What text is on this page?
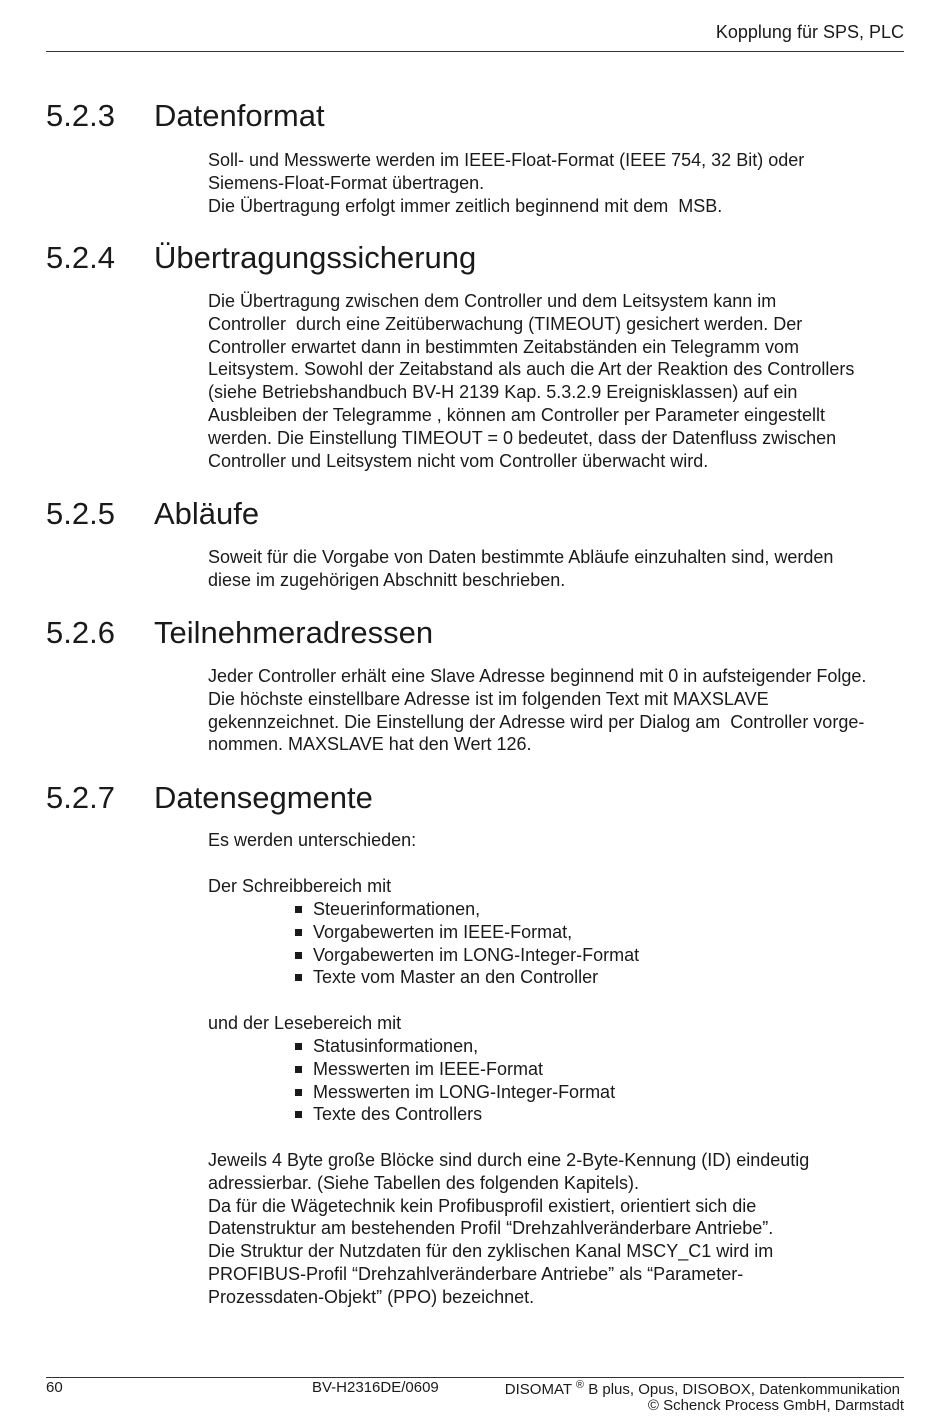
Kopplung für SPS, PLC
5.2.3 Datenformat

Soll- und Messwerte werden im IEEE-Float-Format (IEEE 754, 32 Bit) oder
Siemens-Float-Format übertragen.
Die Übertragung erfolgt immer zeitlich beginnend mit dem  MSB.

5.2.4 Übertragungssicherung

Die Übertragung zwischen dem Controller und dem Leitsystem kann im
Controller  durch eine Zeitüberwachung (TIMEOUT) gesichert werden. Der
Controller erwartet dann in bestimmten Zeitabständen ein Telegramm vom
Leitsystem. Sowohl der Zeitabstand als auch die Art der Reaktion des Controllers
(siehe Betriebshandbuch BV-H 2139 Kap. 5.3.2.9 Ereignisklassen) auf ein
Ausbleiben der Telegramme , können am Controller per Parameter eingestellt
werden. Die Einstellung TIMEOUT = 0 bedeutet, dass der Datenfluss zwischen
Controller und Leitsystem nicht vom Controller überwacht wird.

5.2.5 Abläufe

Soweit für die Vorgabe von Daten bestimmte Abläufe einzuhalten sind, werden
diese im zugehörigen Abschnitt beschrieben.

5.2.6 Teilnehmeradressen

Jeder Controller erhält eine Slave Adresse beginnend mit 0 in aufsteigender Folge.
Die höchste einstellbare Adresse ist im folgenden Text mit MAXSLAVE
gekennzeichnet. Die Einstellung der Adresse wird per Dialog am  Controller vorge-
nommen. MAXSLAVE hat den Wert 126.

5.2.7 Datensegmente

Es werden unterschieden:

Der Schreibbereich mit

Steuerinformationen,
Vorgabewerten im IEEE-Format,
Vorgabewerten im LONG-Integer-Format
Texte vom Master an den Controller

und der Lesebereich mit

Statusinformationen,
Messwerten im IEEE-Format
Messwerten im LONG-Integer-Format
Texte des Controllers

Jeweils 4 Byte große Blöcke sind durch eine 2-Byte-Kennung (ID) eindeutig
adressierbar. (Siehe Tabellen des folgenden Kapitels).
Da für die Wägetechnik kein Profibusprofil existiert, orientiert sich die
Datenstruktur am bestehenden Profil “Drehzahlveränderbare Antriebe”.
Die Struktur der Nutzdaten für den zyklischen Kanal MSCY_C1 wird im
PROFIBUS-Profil “Drehzahlveränderbare Antriebe” als “Parameter-
Prozessdaten-Objekt” (PPO) bezeichnet.

60	BV-H2316DE/0609	DISOMAT ® B plus, Opus, DISOBOX, Datenkommunikation
© Schenck Process GmbH, Darmstadt
